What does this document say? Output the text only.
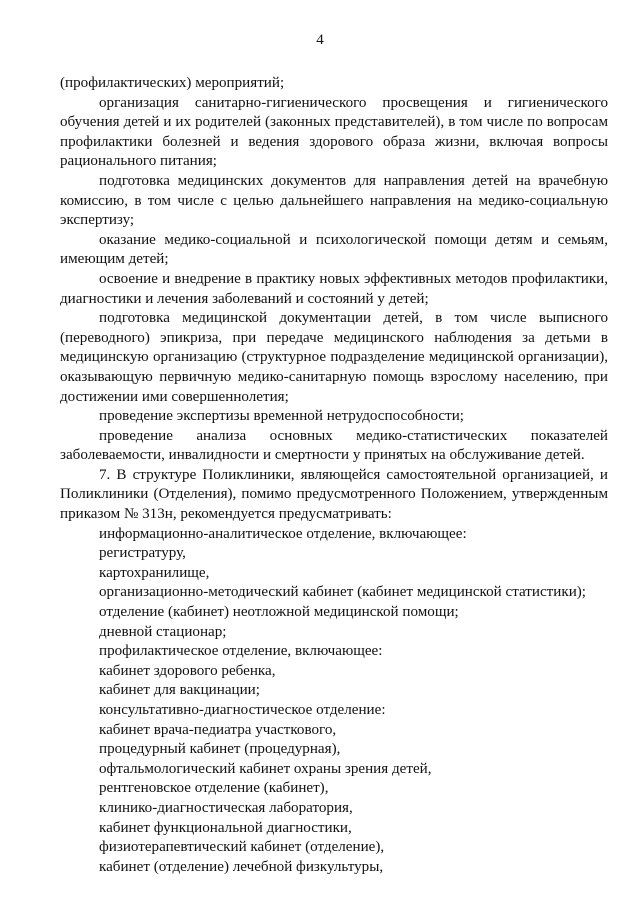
4

(профилактических) мероприятий;

организация санитарно-гигиенического просвещения и гигиенического обучения детей и их родителей (законных представителей), в том числе по вопросам профилактики болезней и ведения здорового образа жизни, включая вопросы рационального питания;

подготовка медицинских документов для направления детей на врачебную комиссию, в том числе с целью дальнейшего направления на медико-социальную экспертизу;

оказание медико-социальной и психологической помощи детям и семьям, имеющим детей;

освоение и внедрение в практику новых эффективных методов профилактики, диагностики и лечения заболеваний и состояний у детей;

подготовка медицинской документации детей, в том числе выписного (переводного) эпикриза, при передаче медицинского наблюдения за детьми в медицинскую организацию (структурное подразделение медицинской организации), оказывающую первичную медико-санитарную помощь взрослому населению, при достижении ими совершеннолетия;

проведение экспертизы временной нетрудоспособности;

проведение анализа основных медико-статистических показателей заболеваемости, инвалидности и смертности у принятых на обслуживание детей.

7. В структуре Поликлиники, являющейся самостоятельной организацией, и Поликлиники (Отделения), помимо предусмотренного Положением, утвержденным приказом № 313н, рекомендуется предусматривать:

информационно-аналитическое отделение, включающее:

регистратуру,

картохранилище,

организационно-методический кабинет (кабинет медицинской статистики);

отделение (кабинет) неотложной медицинской помощи;

дневной стационар;

профилактическое отделение, включающее:

кабинет здорового ребенка,

кабинет для вакцинации;

консультативно-диагностическое отделение:

кабинет врача-педиатра участкового,

процедурный кабинет (процедурная),

офтальмологический кабинет охраны зрения детей,

рентгеновское отделение (кабинет),

клинико-диагностическая лаборатория,

кабинет функциональной диагностики,

физиотерапевтический кабинет (отделение),

кабинет (отделение) лечебной физкультуры,
